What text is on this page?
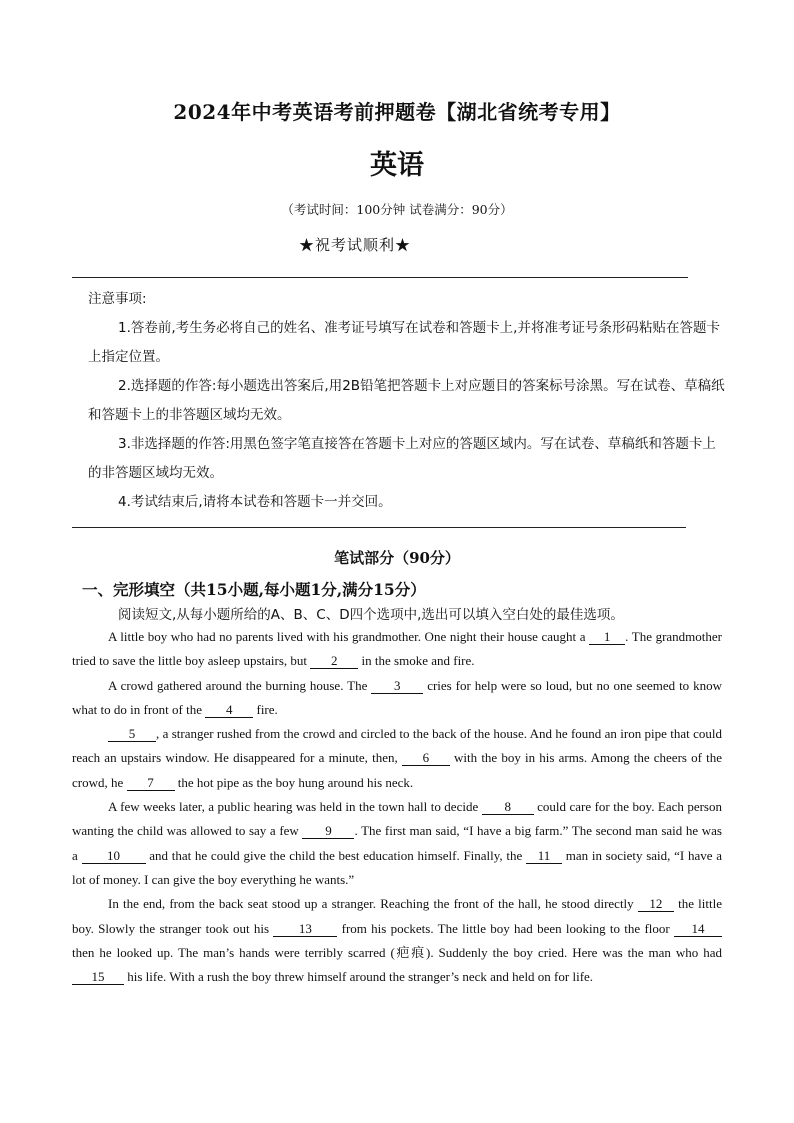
2024年中考英语考前押题卷【湖北省统考专用】
英语
（考试时间：100分钟 试卷满分：90分）
★祝考试顺利★
注意事项:
1.答卷前,考生务必将自己的姓名、准考证号填写在试卷和答题卡上,并将准考证号条形码粘贴在答题卡上指定位置。
2.选择题的作答:每小题选出答案后,用2B铅笔把答题卡上对应题目的答案标号涂黑。写在试卷、草稿纸和答题卡上的非答题区域均无效。
3.非选择题的作答:用黑色签字笔直接答在答题卡上对应的答题区域内。写在试卷、草稿纸和答题卡上的非答题区域均无效。
4.考试结束后,请将本试卷和答题卡一并交回。
笔试部分（90分）
一、完形填空（共15小题,每小题1分,满分15分）
阅读短文,从每小题所给的A、B、C、D四个选项中,选出可以填入空白处的最佳选项。

A little boy who had no parents lived with his grandmother. One night their house caught a 1 . The grandmother tried to save the little boy asleep upstairs, but 2 in the smoke and fire.

A crowd gathered around the burning house. The 3 cries for help were so loud, but no one seemed to know what to do in front of the 4 fire.

5 , a stranger rushed from the crowd and circled to the back of the house. And he found an iron pipe that could reach an upstairs window. He disappeared for a minute, then, 6 with the boy in his arms. Among the cheers of the crowd, he 7 the hot pipe as the boy hung around his neck.

A few weeks later, a public hearing was held in the town hall to decide 8 could care for the boy. Each person wanting the child was allowed to say a few 9 . The first man said, “I have a big farm.” The second man said he was a 10 and that he could give the child the best education himself. Finally, the 11 man in society said, “I have a lot of money. I can give the boy everything he wants.”

In the end, from the back seat stood up a stranger. Reaching the front of the hall, he stood directly 12 the little boy. Slowly the stranger took out his 13 from his pockets. The little boy had been looking to the floor 14 then he looked up. The man’s hands were terribly scarred (疤痕). Suddenly the boy cried. Here was the man who had 15 his life. With a rush the boy threw himself around the stranger’s neck and held on for life.
